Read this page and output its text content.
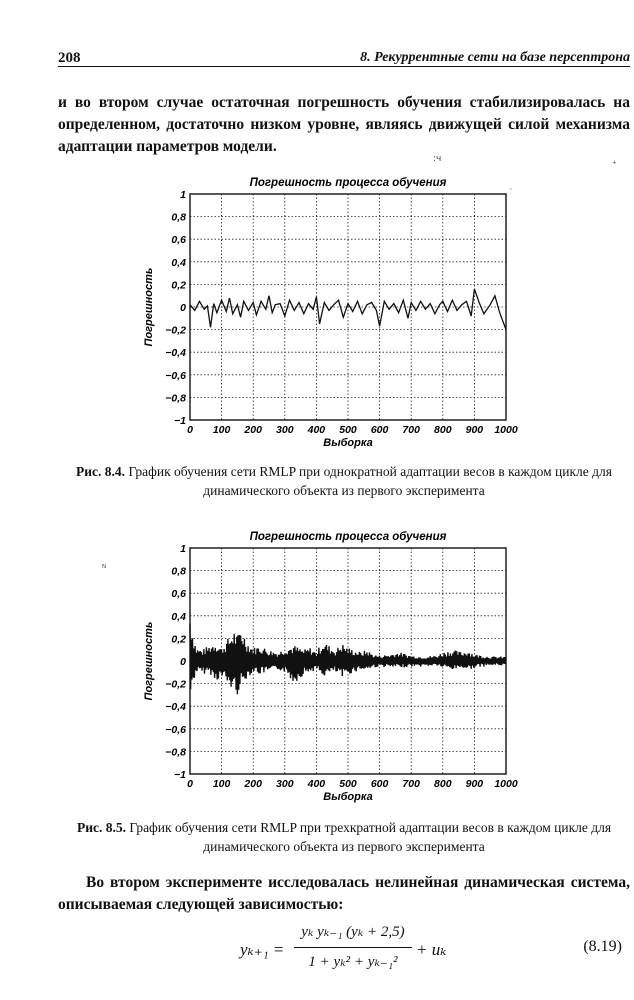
208	8. Рекуррентные сети на базе персептрона

и во втором случае остаточная погрешность обучения стабилизировалась на определенном, достаточно низком уровне, являясь движущей силой механизма адаптации параметров модели.

:ч
′
⁺
ᴺ
Погрешность процесса обучения
0 100 200 300 400 500 600 700 800 900 1000
1
0,8
0,6
0,4
0,2
0
−0,2
−0,4
−0,6
−0,8
−1
Выборка
Погрешность

Рис. 8.4. График обучения сети RMLP при однократной адаптации весов в каждом цикле для динамического объекта из первого эксперимента

Погрешность процесса обучения
0 100 200 300 400 500 600 700 800 900 1000
1
0,8
0,6
0,4
0,2
0
−0,2
−0,4
−0,6
−0,8
−1
Выборка
Погрешность

Рис. 8.5. График обучения сети RMLP при трехкратной адаптации весов в каждом цикле для динамического объекта из первого эксперимента

Во втором эксперименте исследовалась нелинейная динамическая система, описываемая следующей зависимостью:

yₖ₊₁ =
yₖ yₖ₋₁ (yₖ + 2,5)
1 + yₖ² + yₖ₋₁²
+ uₖ	(8.19)
